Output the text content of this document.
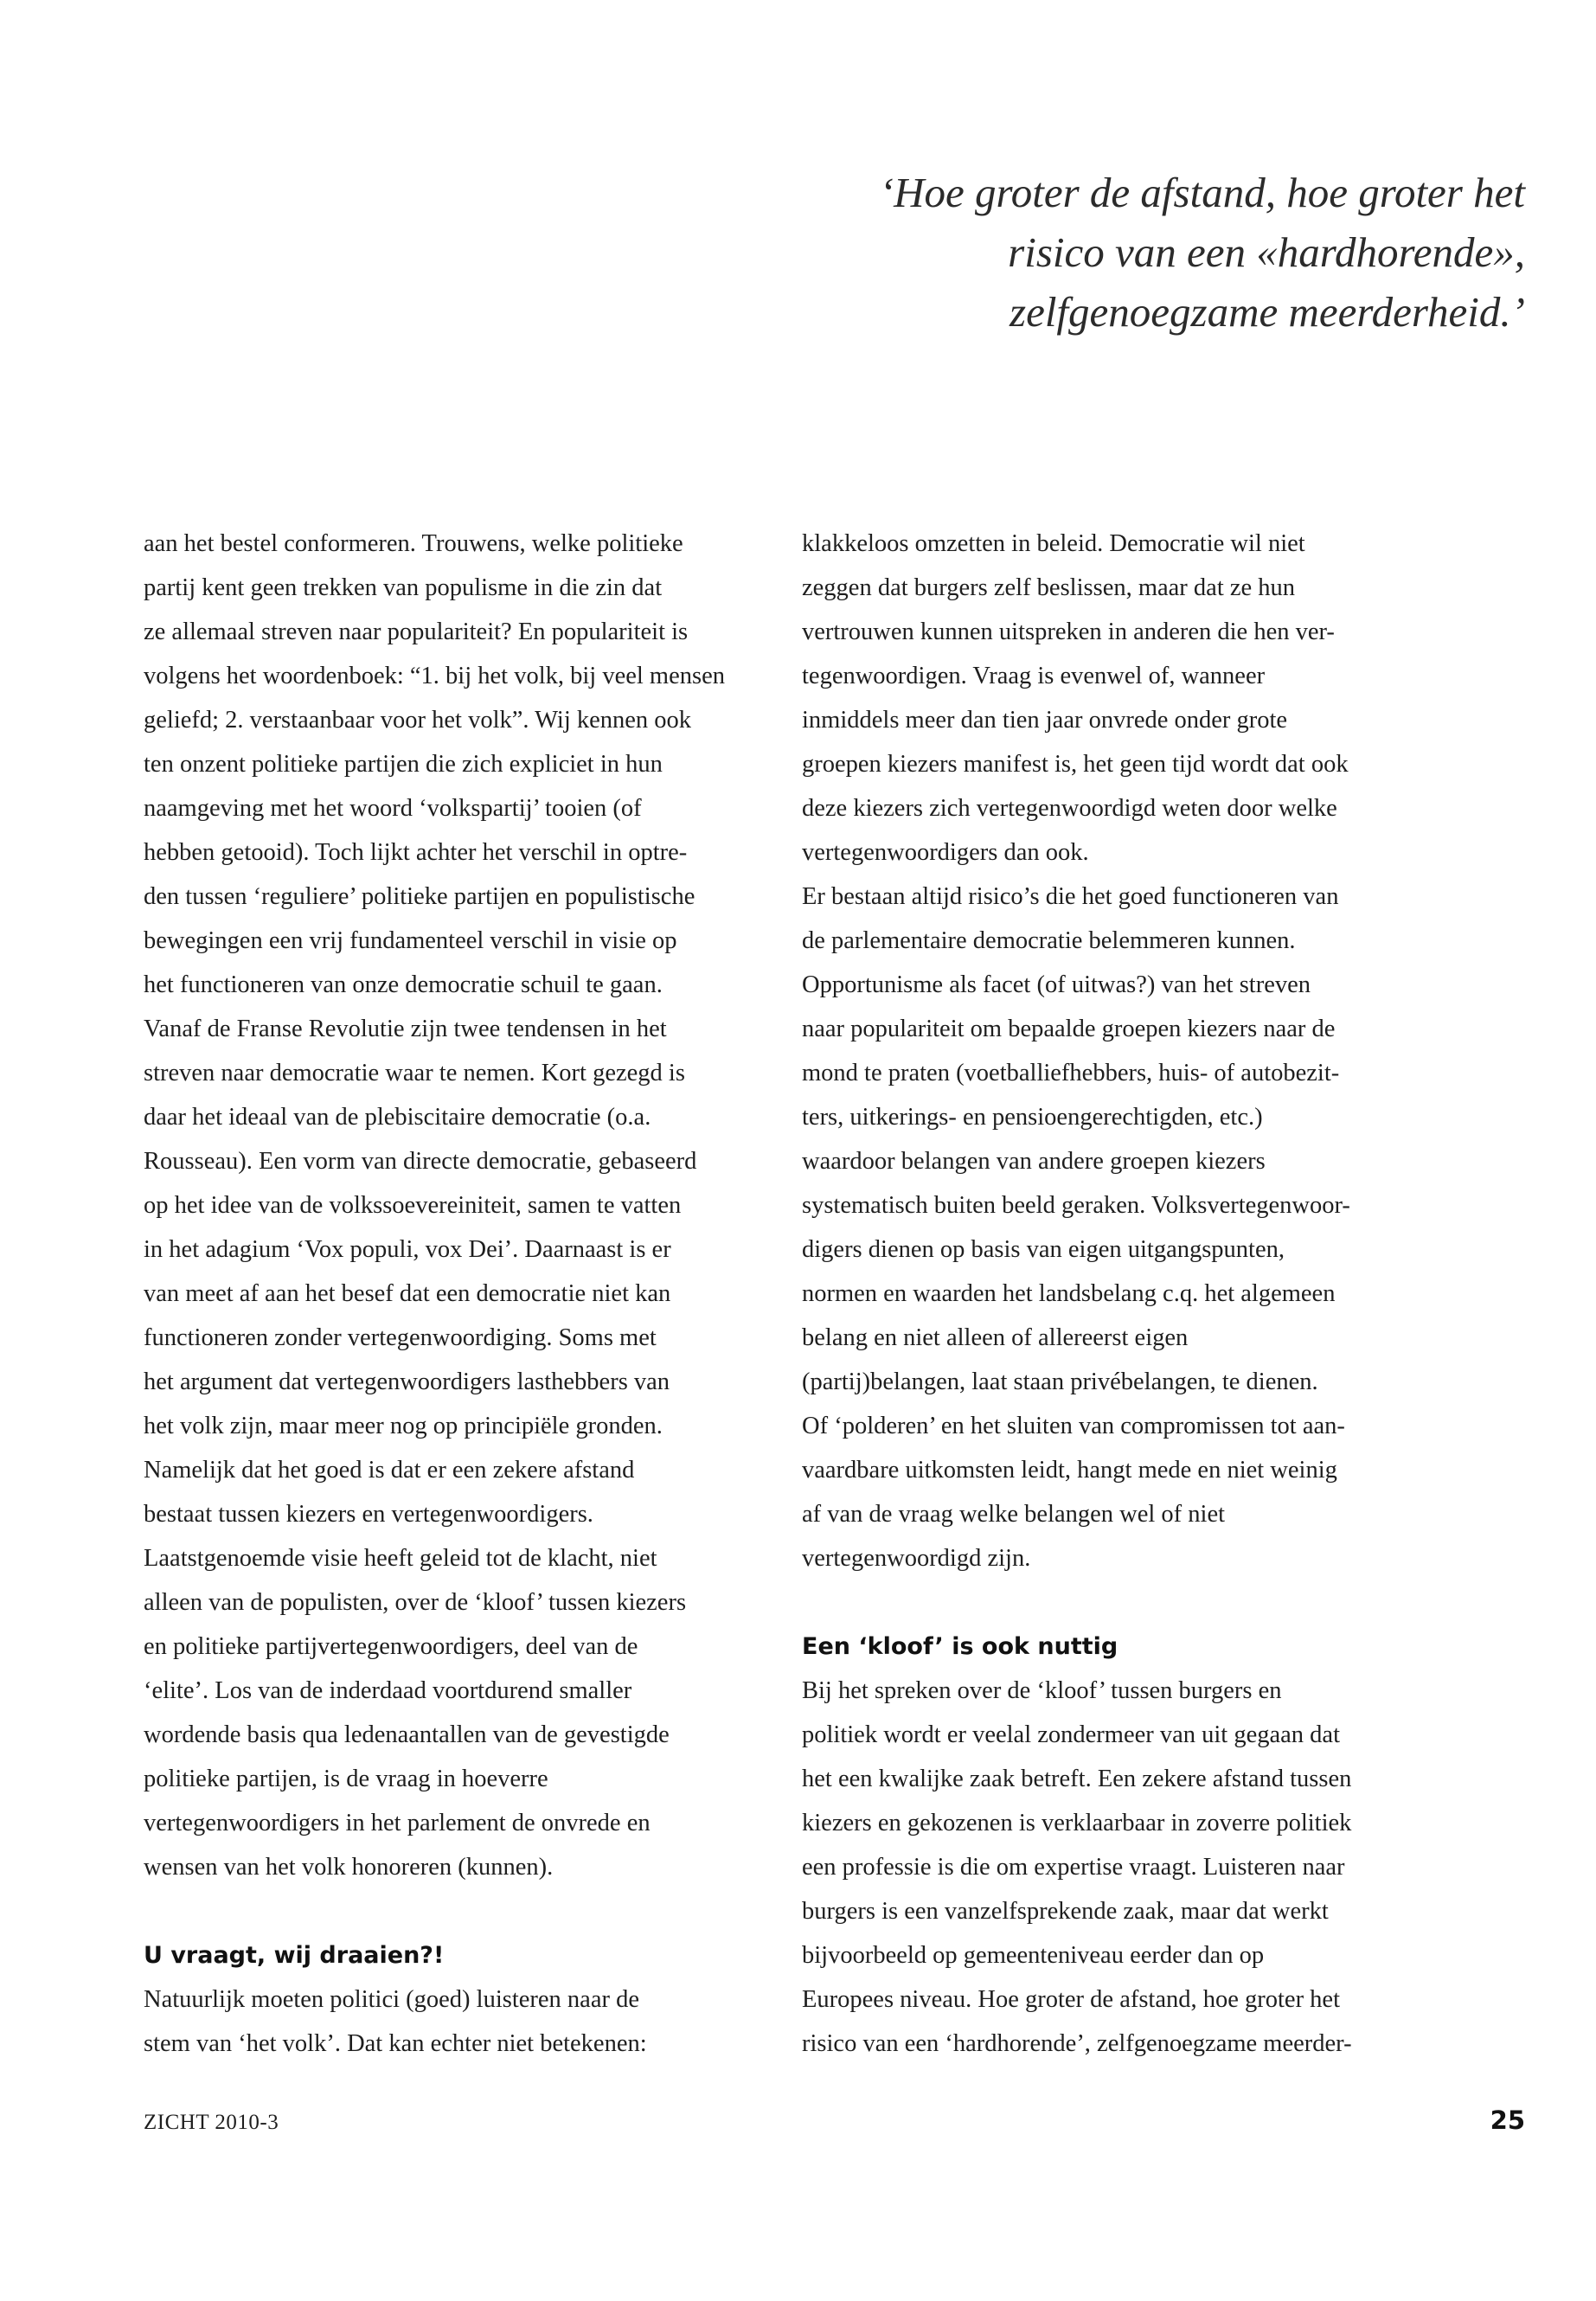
‘Hoe groter de afstand, hoe groter het
risico van een «hardhorende»,
zelfgenoegzame meerderheid.’
aan het bestel conformeren. Trouwens, welke politieke
partij kent geen trekken van populisme in die zin dat
ze allemaal streven naar populariteit? En populariteit is
volgens het woordenboek: “1. bij het volk, bij veel mensen
geliefd; 2. verstaanbaar voor het volk”. Wij kennen ook
ten onzent politieke partijen die zich expliciet in hun
naamgeving met het woord ‘volkspartij’ tooien (of
hebben getooid). Toch lijkt achter het verschil in optre-
den tussen ‘reguliere’ politieke partijen en populistische
bewegingen een vrij fundamenteel verschil in visie op
het functioneren van onze democratie schuil te gaan.
Vanaf de Franse Revolutie zijn twee tendensen in het
streven naar democratie waar te nemen. Kort gezegd is
daar het ideaal van de plebiscitaire democratie (o.a.
Rousseau). Een vorm van directe democratie, gebaseerd
op het idee van de volkssoevereiniteit, samen te vatten
in het adagium ‘Vox populi, vox Dei’. Daarnaast is er
van meet af aan het besef dat een democratie niet kan
functioneren zonder vertegenwoordiging. Soms met
het argument dat vertegenwoordigers lasthebbers van
het volk zijn, maar meer nog op principiële gronden.
Namelijk dat het goed is dat er een zekere afstand
bestaat tussen kiezers en vertegenwoordigers.
Laatstgenoemde visie heeft geleid tot de klacht, niet
alleen van de populisten, over de ‘kloof’ tussen kiezers
en politieke partijvertegenwoordigers, deel van de
‘elite’. Los van de inderdaad voortdurend smaller
wordende basis qua ledenaantallen van de gevestigde
politieke partijen, is de vraag in hoeverre
vertegenwoordigers in het parlement de onvrede en
wensen van het volk honoreren (kunnen).
U vraagt, wij draaien?!
Natuurlijk moeten politici (goed) luisteren naar de
stem van ‘het volk’. Dat kan echter niet betekenen:
klakkeloos omzetten in beleid. Democratie wil niet
zeggen dat burgers zelf beslissen, maar dat ze hun
vertrouwen kunnen uitspreken in anderen die hen ver-
tegenwoordigen. Vraag is evenwel of, wanneer
inmiddels meer dan tien jaar onvrede onder grote
groepen kiezers manifest is, het geen tijd wordt dat ook
deze kiezers zich vertegenwoordigd weten door welke
vertegenwoordigers dan ook.
Er bestaan altijd risico’s die het goed functioneren van
de parlementaire democratie belemmeren kunnen.
Opportunisme als facet (of uitwas?) van het streven
naar populariteit om bepaalde groepen kiezers naar de
mond te praten (voetballiefhebbers, huis- of autobezit-
ters, uitkerings- en pensioengerechtigden, etc.)
waardoor belangen van andere groepen kiezers
systematisch buiten beeld geraken. Volksvertegenwoor-
digers dienen op basis van eigen uitgangspunten,
normen en waarden het landsbelang c.q. het algemeen
belang en niet alleen of allereerst eigen
(partij)belangen, laat staan privébelangen, te dienen.
Of ‘polderen’ en het sluiten van compromissen tot aan-
vaardbare uitkomsten leidt, hangt mede en niet weinig
af van de vraag welke belangen wel of niet
vertegenwoordigd zijn.
Een ‘kloof’ is ook nuttig
Bij het spreken over de ‘kloof’ tussen burgers en
politiek wordt er veelal zondermeer van uit gegaan dat
het een kwalijke zaak betreft. Een zekere afstand tussen
kiezers en gekozenen is verklaarbaar in zoverre politiek
een professie is die om expertise vraagt. Luisteren naar
burgers is een vanzelfsprekende zaak, maar dat werkt
bijvoorbeeld op gemeenteniveau eerder dan op
Europees niveau. Hoe groter de afstand, hoe groter het
risico van een ‘hardhorende’, zelfgenoegzame meerder-
ZICHT 2010-3	25
